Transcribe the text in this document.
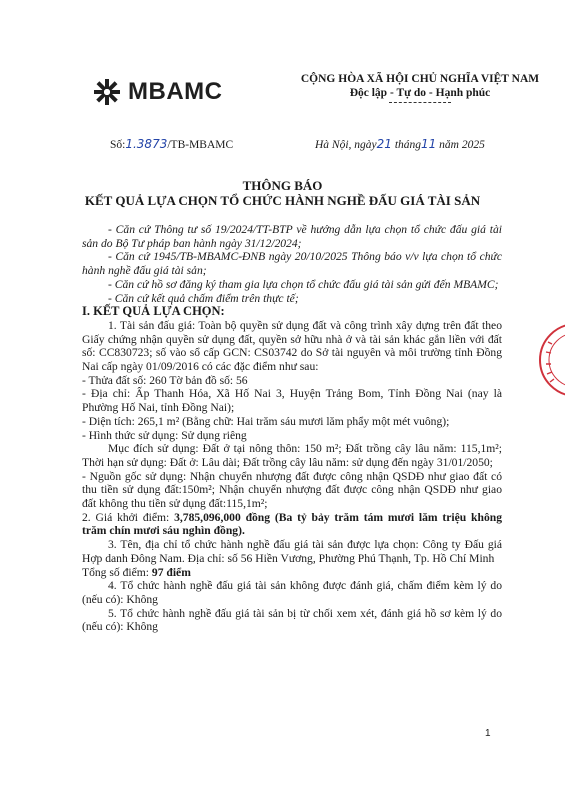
MBAMC	CỘNG HÒA XÃ HỘI CHỦ NGHĨA VIỆT NAM
Độc lập - Tự do - Hạnh phúc
Số:1.3873/TB-MBAMC	Hà Nội, ngày21 tháng11 năm 2025
THÔNG BÁO
KẾT QUẢ LỰA CHỌN TỔ CHỨC HÀNH NGHỀ ĐẤU GIÁ TÀI SẢN

- Căn cứ Thông tư số 19/2024/TT-BTP về hướng dẫn lựa chọn tổ chức đấu giá tài sản do Bộ Tư pháp ban hành ngày 31/12/2024;

- Căn cứ 1945/TB-MBAMC-ĐNB ngày 20/10/2025 Thông báo v/v lựa chọn tổ chức hành nghề đấu giá tài sản;

- Căn cứ hồ sơ đăng ký tham gia lựa chọn tổ chức đấu giá tài sản gửi đến MBAMC;

- Căn cứ kết quả chấm điểm trên thực tế;

I. KẾT QUẢ LỰA CHỌN:

1. Tài sản đấu giá: Toàn bộ quyền sử dụng đất và công trình xây dựng trên đất theo Giấy chứng nhận quyền sử dụng đất, quyền sở hữu nhà ở và tài sản khác gắn liền với đất số: CC830723; số vào sổ cấp GCN: CS03742 do Sở tài nguyên và môi trường tỉnh Đồng Nai cấp ngày 01/09/2016 có các đặc điểm như sau:

- Thửa đất số: 260 Tờ bản đồ số: 56

- Địa chỉ: Ấp Thanh Hóa, Xã Hố Nai 3, Huyện Trảng Bom, Tỉnh Đồng Nai (nay là Phường Hố Nai, tỉnh Đồng Nai);

- Diện tích: 265,1 m² (Bằng chữ: Hai trăm sáu mươi lăm phẩy một mét vuông);

- Hình thức sử dụng: Sử dụng riêng

Mục đích sử dụng: Đất ở tại nông thôn: 150 m²; Đất trồng cây lâu năm: 115,1m²; Thời hạn sử dụng: Đất ở: Lâu dài; Đất trồng cây lâu năm: sử dụng đến ngày 31/01/2050;

- Nguồn gốc sử dụng: Nhận chuyển nhượng đất được công nhận QSDĐ như giao đất có thu tiền sử dụng đất:150m²; Nhận chuyển nhượng đất được công nhận QSDĐ như giao đất không thu tiền sử dụng đất:115,1m²;

2. Giá khởi điểm: 3,785,096,000 đồng (Ba tỷ bảy trăm tám mươi lăm triệu không trăm chín mươi sáu nghìn đồng).

3. Tên, địa chỉ tổ chức hành nghề đấu giá tài sản được lựa chọn: Công ty Đấu giá Hợp danh Đông Nam. Địa chỉ: số 56 Hiền Vương, Phường Phú Thạnh, Tp. Hồ Chí Minh

Tổng số điểm: 97 điểm

4. Tổ chức hành nghề đấu giá tài sản không được đánh giá, chấm điểm kèm lý do (nếu có): Không

5. Tổ chức hành nghề đấu giá tài sản bị từ chối xem xét, đánh giá hồ sơ kèm lý do (nếu có): Không

1
